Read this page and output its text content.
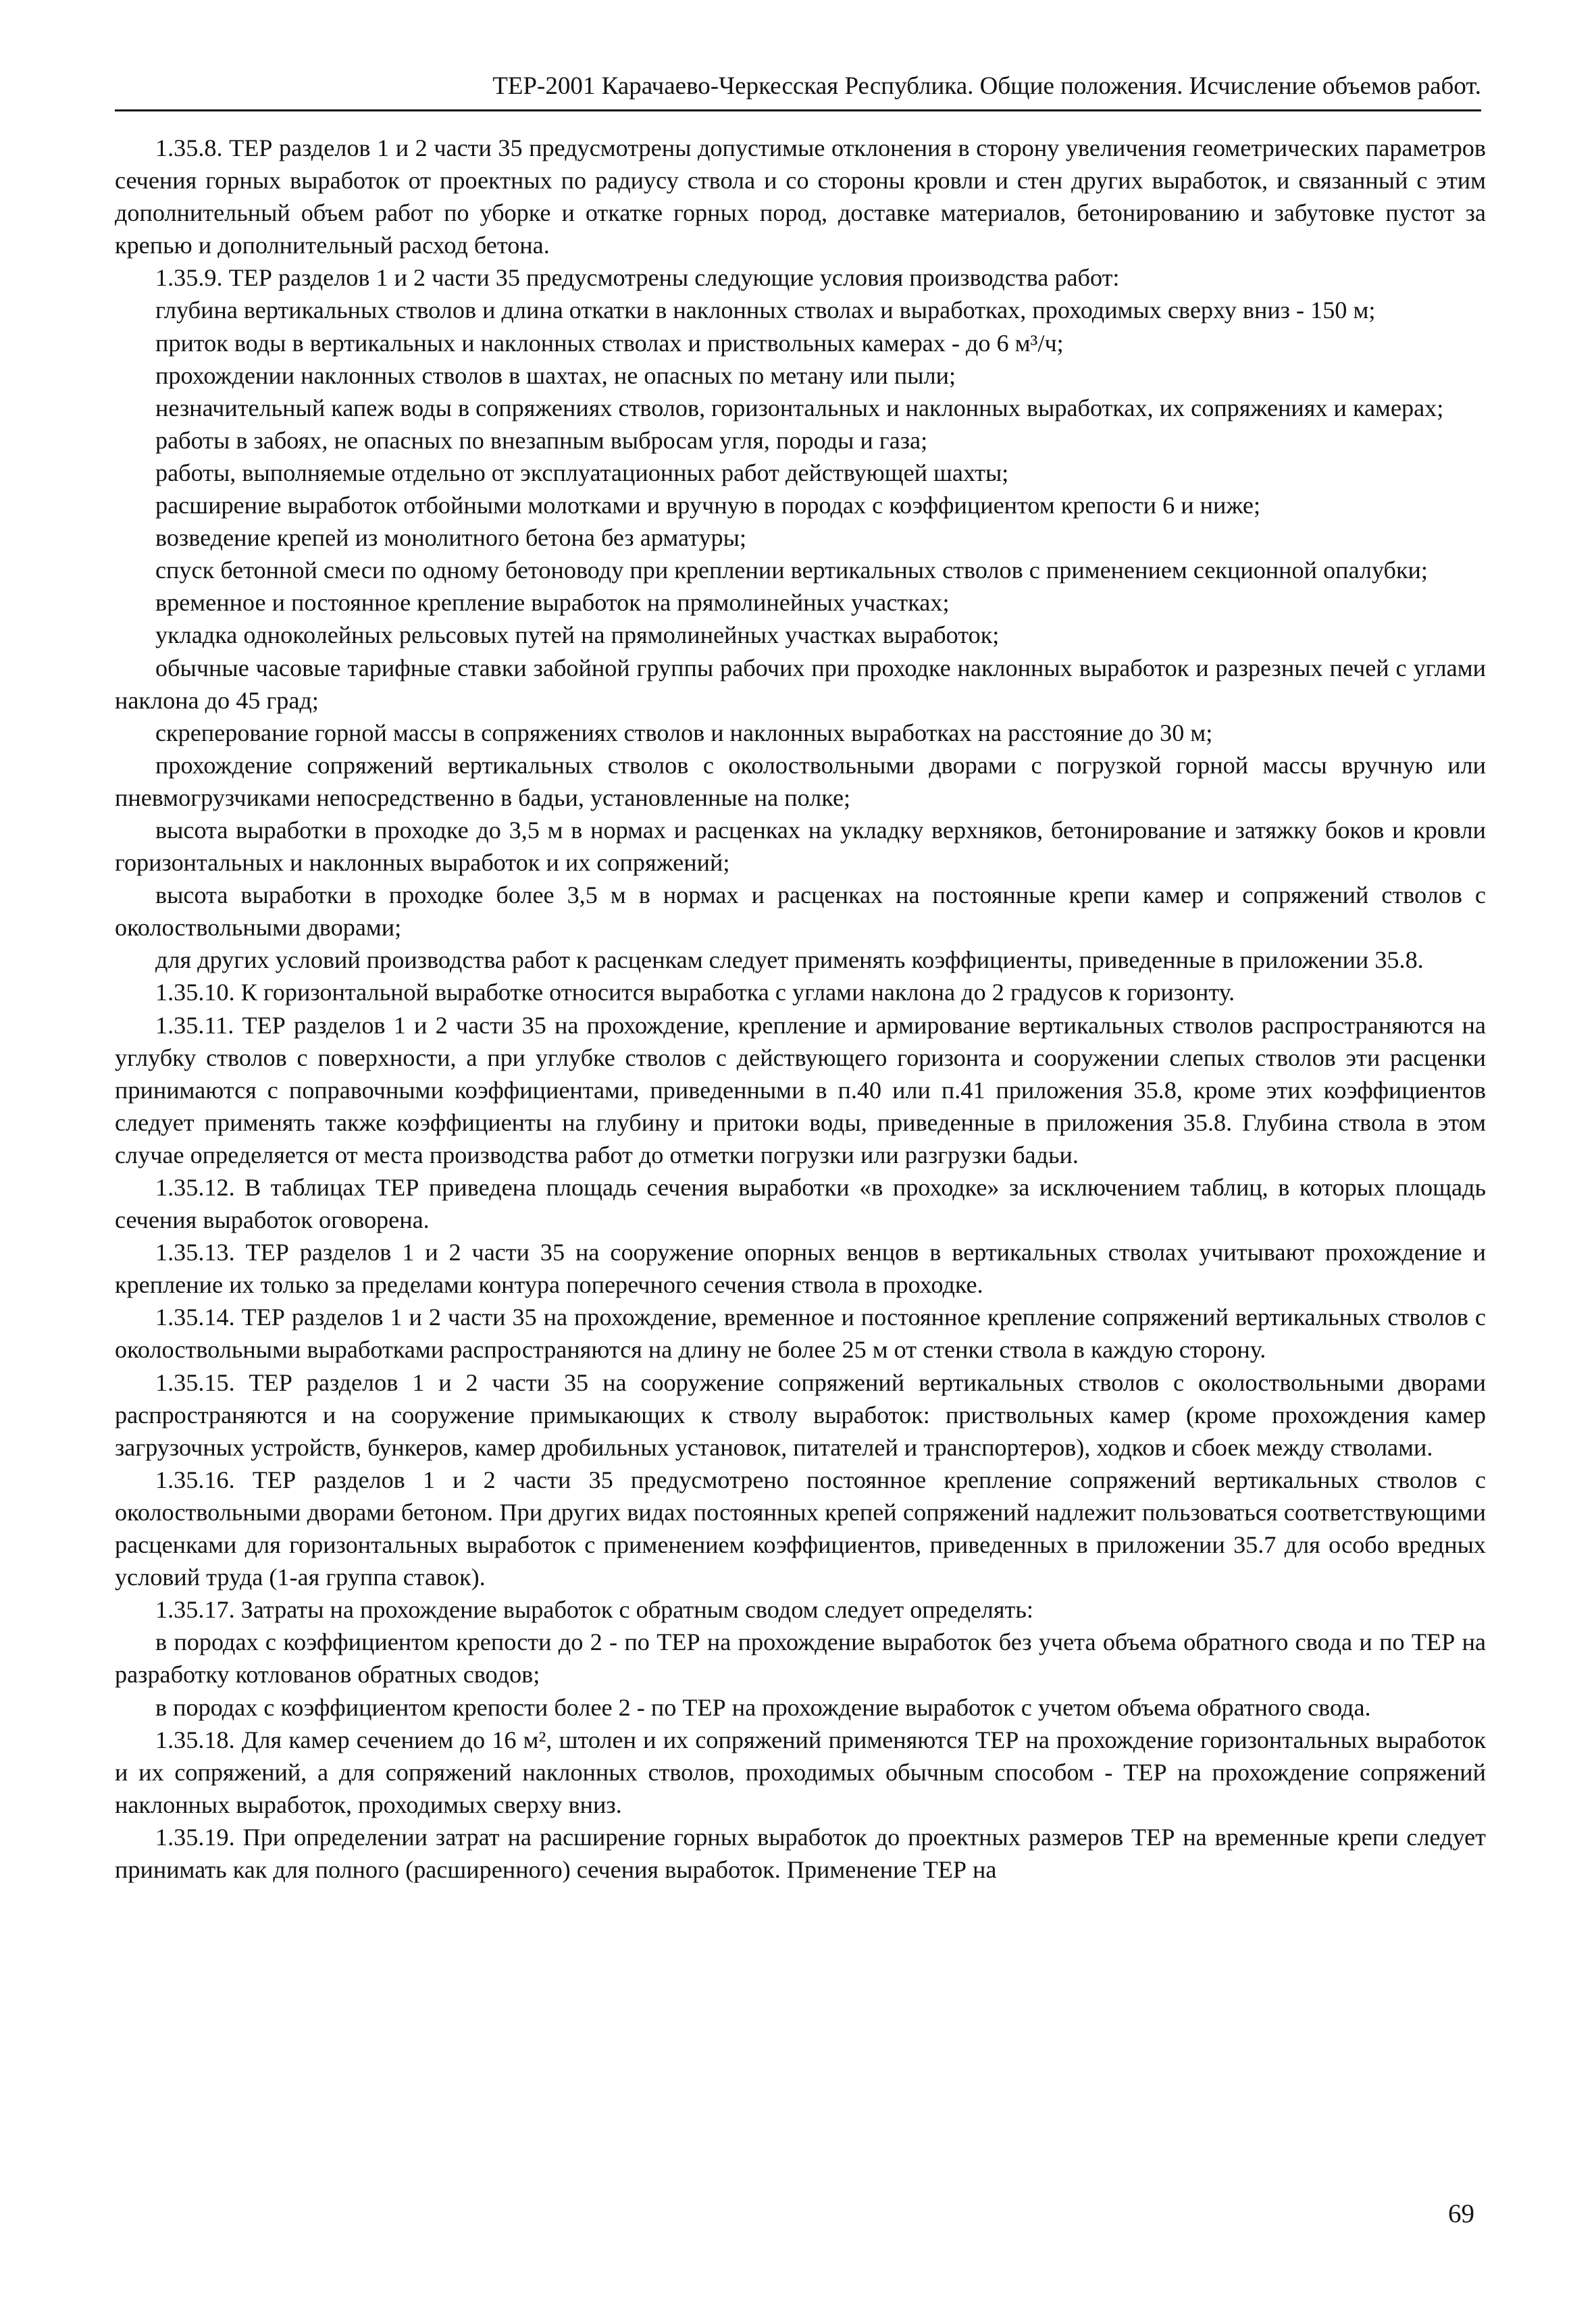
ТЕР-2001 Карачаево-Черкесская Республика. Общие положения. Исчисление объемов работ.

1.35.8. ТЕР разделов 1 и 2 части 35 предусмотрены допустимые отклонения в сторону увеличения геометрических параметров сечения горных выработок от проектных по радиусу ствола и со стороны кровли и стен других выработок, и связанный с этим дополнительный объем работ по уборке и откатке горных пород, доставке материалов, бетонированию и забутовке пустот за крепью и дополнительный расход бетона.

1.35.9. ТЕР разделов 1 и 2 части 35 предусмотрены следующие условия производства работ:

глубина вертикальных стволов и длина откатки в наклонных стволах и выработках, проходимых сверху вниз - 150 м;

приток воды в вертикальных и наклонных стволах и приствольных камерах - до 6 м³/ч;

прохождении наклонных стволов в шахтах, не опасных по метану или пыли;

незначительный капеж воды в сопряжениях стволов, горизонтальных и наклонных выработках, их сопряжениях и камерах;

работы в забоях, не опасных по внезапным выбросам угля, породы и газа;

работы, выполняемые отдельно от эксплуатационных работ действующей шахты;

расширение выработок отбойными молотками и вручную в породах с коэффициентом крепости 6 и ниже;

возведение крепей из монолитного бетона без арматуры;

спуск бетонной смеси по одному бетоноводу при креплении вертикальных стволов с применением секционной опалубки;

временное и постоянное крепление выработок на прямолинейных участках;

укладка одноколейных рельсовых путей на прямолинейных участках выработок;

обычные часовые тарифные ставки забойной группы рабочих при проходке наклонных выработок и разрезных печей с углами наклона до 45 град;

скреперование горной массы в сопряжениях стволов и наклонных выработках на расстояние до 30 м;

прохождение сопряжений вертикальных стволов с околоствольными дворами с погрузкой горной массы вручную или пневмогрузчиками непосредственно в бадьи, установленные на полке;

высота выработки в проходке до 3,5 м в нормах и расценках на укладку верхняков, бетонирование и затяжку боков и кровли горизонтальных и наклонных выработок и их сопряжений;

высота выработки в проходке более 3,5 м в нормах и расценках на постоянные крепи камер и сопряжений стволов с околоствольными дворами;

для других условий производства работ к расценкам следует применять коэффициенты, приведенные в приложении 35.8.

1.35.10. К горизонтальной выработке относится выработка с углами наклона до 2 градусов к горизонту.

1.35.11. ТЕР разделов 1 и 2 части 35 на прохождение, крепление и армирование вертикальных стволов распространяются на углубку стволов с поверхности, а при углубке стволов с действующего горизонта и сооружении слепых стволов эти расценки принимаются с поправочными коэффициентами, приведенными в п.40 или п.41 приложения 35.8, кроме этих коэффициентов следует применять также коэффициенты на глубину и притоки воды, приведенные в приложения 35.8. Глубина ствола в этом случае определяется от места производства работ до отметки погрузки или разгрузки бадьи.

1.35.12. В таблицах ТЕР приведена площадь сечения выработки «в проходке» за исключением таблиц, в которых площадь сечения выработок оговорена.

1.35.13. ТЕР разделов 1 и 2 части 35 на сооружение опорных венцов в вертикальных стволах учитывают прохождение и крепление их только за пределами контура поперечного сечения ствола в проходке.

1.35.14. ТЕР разделов 1 и 2 части 35 на прохождение, временное и постоянное крепление сопряжений вертикальных стволов с околоствольными выработками распространяются на длину не более 25 м от стенки ствола в каждую сторону.

1.35.15. ТЕР разделов 1 и 2 части 35 на сооружение сопряжений вертикальных стволов с околоствольными дворами распространяются и на сооружение примыкающих к стволу выработок: приствольных камер (кроме прохождения камер загрузочных устройств, бункеров, камер дробильных установок, питателей и транспортеров), ходков и сбоек между стволами.

1.35.16. ТЕР разделов 1 и 2 части 35 предусмотрено постоянное крепление сопряжений вертикальных стволов с околоствольными дворами бетоном. При других видах постоянных крепей сопряжений надлежит пользоваться соответствующими расценками для горизонтальных выработок с применением коэффициентов, приведенных в приложении 35.7 для особо вредных условий труда (1-ая группа ставок).

1.35.17. Затраты на прохождение выработок с обратным сводом следует определять:

в породах с коэффициентом крепости до 2 - по ТЕР на прохождение выработок без учета объема обратного свода и по ТЕР на разработку котлованов обратных сводов;

в породах с коэффициентом крепости более 2 - по ТЕР на прохождение выработок с учетом объема обратного свода.

1.35.18. Для камер сечением до 16 м², штолен и их сопряжений применяются ТЕР на прохождение горизонтальных выработок и их сопряжений, а для сопряжений наклонных стволов, проходимых обычным способом - ТЕР на прохождение сопряжений наклонных выработок, проходимых сверху вниз.

1.35.19. При определении затрат на расширение горных выработок до проектных размеров ТЕР на временные крепи следует принимать как для полного (расширенного) сечения выработок. Применение ТЕР на

69
